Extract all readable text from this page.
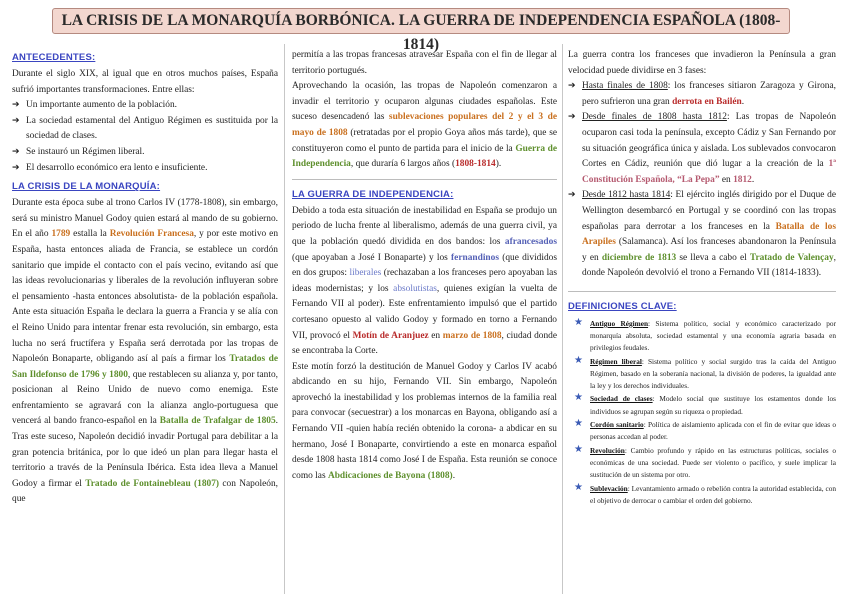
LA CRISIS DE LA MONARQUÍA BORBÓNICA. LA GUERRA DE INDEPENDENCIA ESPAÑOLA (1808-1814)
ANTECEDENTES:

Durante el siglo XIX, al igual que en otros muchos países, España sufrió importantes transformaciones. Entre ellas:

➔ Un importante aumento de la población.
➔ La sociedad estamental del Antiguo Régimen es sustituida por la sociedad de clases.
➔ Se instauró un Régimen liberal.
➔ El desarrollo económico era lento e insuficiente.
LA CRISIS DE LA MONARQUÍA:

Durante esta época sube al trono Carlos IV (1778-1808), sin embargo, será su ministro Manuel Godoy quien estará al mando de su gobierno. En el año 1789 estalla la Revolución Francesa, y por este motivo en España, hasta entonces aliada de Francia, se establece un cordón sanitario que impide el contacto con el país vecino, evitando así que las ideas revolucionarias y liberales de la revolución influyeran sobre el pensamiento -hasta entonces absolutista- de la población española. Ante esta situación España le declara la guerra a Francia y se alía con el Reino Unido para intentar frenar esta revolución, sin embargo, esta lucha no será fructífera y España será derrotada por las tropas de Napoleón Bonaparte, obligando así al país a firmar los Tratados de San Ildefonso de 1796 y 1800, que restablecen su alianza y, por tanto, posicionan al Reino Unido de nuevo como enemiga. Este enfrentamiento se agravará con la alianza anglo-portuguesa que vencerá al bando franco-español en la Batalla de Trafalgar de 1805. Tras este suceso, Napoleón decidió invadir Portugal para debilitar a la gran potencia británica, por lo que ideó un plan para llegar hasta el territorio a través de la Península Ibérica. Esta idea lleva a Manuel Godoy a firmar el Tratado de Fontainebleau (1807) con Napoleón, que

permitía a las tropas francesas atravesar España con el fin de llegar al territorio portugués.

Aprovechando la ocasión, las tropas de Napoleón comenzaron a invadir el territorio y ocuparon algunas ciudades españolas. Este suceso desencadenó las sublevaciones populares del 2 y el 3 de mayo de 1808 (retratadas por el propio Goya años más tarde), que se constituyeron como el punto de partida para el inicio de la Guerra de Independencia, que duraría 6 largos años (1808-1814).

LA GUERRA DE INDEPENDENCIA:

Debido a toda esta situación de inestabilidad en España se produjo un periodo de lucha frente al liberalismo, además de una guerra civil, ya que la población quedó dividida en dos bandos: los afrancesados (que apoyaban a José I Bonaparte) y los fernandinos (que divididos en dos grupos: liberales (rechazaban a los franceses pero apoyaban las ideas modernistas; y los absolutistas, quienes exigían la vuelta de Fernando VII al poder). Este enfrentamiento impulsó que el partido cortesano opuesto al valido Godoy y formado en torno a Fernando VII, provocó el Motín de Aranjuez en marzo de 1808, ciudad donde se encontraba la Corte.

Este motín forzó la destitución de Manuel Godoy y Carlos IV acabó abdicando en su hijo, Fernando VII. Sin embargo, Napoleón aprovechó la inestabilidad y los problemas internos de la familia real para convocar (secuestrar) a los monarcas en Bayona, obligando así a Fernando VII -quien había recién obtenido la corona- a abdicar en su hermano, José I Bonaparte, convirtiendo a este en monarca español desde 1808 hasta 1814 como José I de España. Esta reunión se conoce como las Abdicaciones de Bayona (1808).

La guerra contra los franceses que invadieron la Península a gran velocidad puede dividirse en 3 fases:

➔ Hasta finales de 1808: los franceses sitiaron Zaragoza y Girona, pero sufrieron una gran derrota en Bailén.
➔ Desde finales de 1808 hasta 1812: Las tropas de Napoleón ocuparon casi toda la península, excepto Cádiz y San Fernando por su situación geográfica única y aislada. Los sublevados convocaron Cortes en Cádiz, reunión que dió lugar a la creación de la 1ª Constitución Española, “La Pepa” en 1812.
➔ Desde 1812 hasta 1814: El ejército inglés dirigido por el Duque de Wellington desembarcó en Portugal y se coordinó con las tropas españolas para derrotar a los franceses en la Batalla de los Arapiles (Salamanca). Así los franceses abandonaron la Península y en diciembre de 1813 se lleva a cabo el Tratado de Valençay, donde Napoleón devolvió el trono a Fernando VII (1814-1833).
DEFINICIONES CLAVE:
★ Antiguo Régimen: Sistema político, social y económico caracterizado por monarquía absoluta, sociedad estamental y una economía agraria basada en privilegios feudales.
★ Régimen liberal: Sistema político y social surgido tras la caída del Antiguo Régimen, basado en la soberanía nacional, la división de poderes, la igualdad ante la ley y los derechos individuales.
★ Sociedad de clases: Modelo social que sustituye los estamentos donde los individuos se agrupan según su riqueza o propiedad.
★ Cordón sanitario: Política de aislamiento aplicada con el fin de evitar que ideas o personas accedan al poder.
★ Revolución: Cambio profundo y rápido en las estructuras políticas, sociales o económicas de una sociedad. Puede ser violento o pacífico, y suele implicar la sustitución de un sistema por otro.
★ Sublevación: Levantamiento armado o rebelión contra la autoridad establecida, con el objetivo de derrocar o cambiar el orden del gobierno.
